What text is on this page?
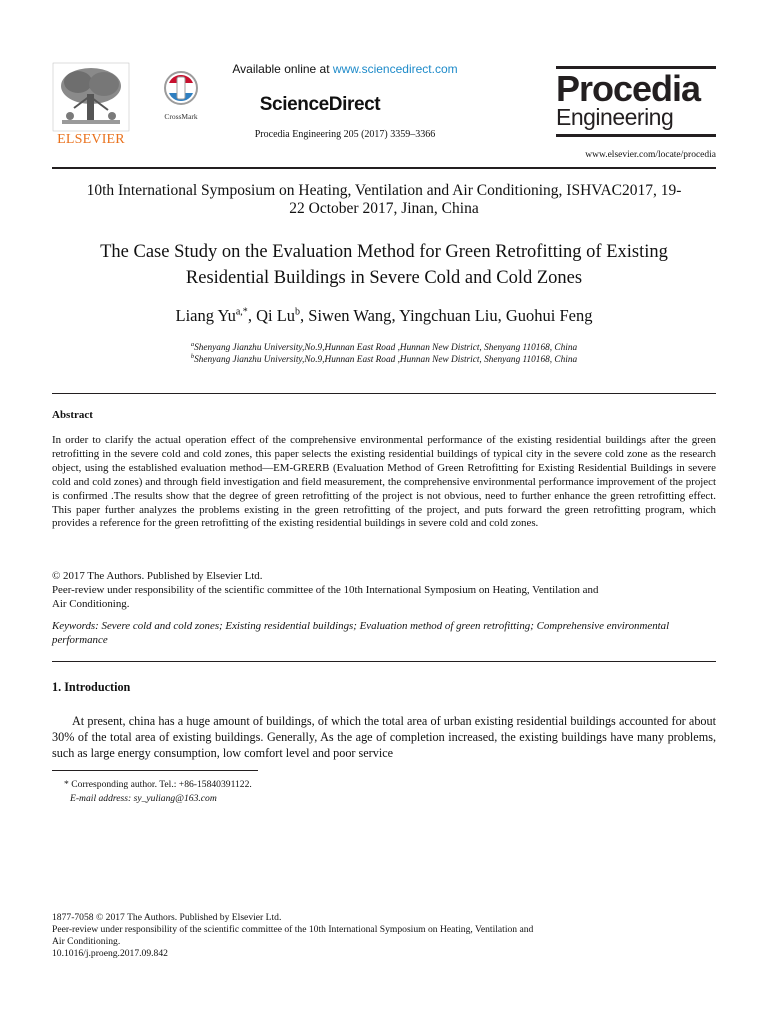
ELSEVIER
CrossMark
Available online at www.sciencedirect.com
ScienceDirect
Procedia Engineering 205 (2017) 3359–3366
Procedia
Engineering
www.elsevier.com/locate/procedia
10th International Symposium on Heating, Ventilation and Air Conditioning, ISHVAC2017, 19-
22 October 2017, Jinan, China
The Case Study on the Evaluation Method for Green Retrofitting of Existing
Residential Buildings in Severe Cold and Cold Zones
Liang $Yu^{a,*}$, Qi Lu$^b$, Siwen Wang, Yingchuan Liu, Guohui Feng
$^a$Shenyang Jianzhu University,No.9,Hunnan East Road ,Hunnan New District, Shenyang 110168, China
$^b$Shenyang Jianzhu University,No.9,Hunnan East Road ,Hunnan New District, Shenyang 110168, China
Abstract
In order to clarify the actual operation effect of the comprehensive environmental performance of the existing residential buildings after the green retrofitting in the severe cold and cold zones, this paper selects the existing residential buildings of typical city in the severe cold zone as the research object, using the established evaluation method—EM-GRERB (Evaluation Method of Green Retrofitting for Existing Residential Buildings in severe cold and cold zones) and through field investigation and field measurement, the comprehensive environmental performance improvement of the project is confirmed .The results show that the degree of green retrofitting of the project is not obvious, need to further enhance the green retrofitting effect. This paper further analyzes the problems existing in the green retrofitting of the project, and puts forward the green retrofitting program, which provides a reference for the green retrofitting of the existing residential buildings in severe cold and cold zones.
© 2017 The Authors. Published by Elsevier Ltd.
Peer-review under responsibility of the scientific committee of the 10th International Symposium on Heating, Ventilation and
Air Conditioning.
Keywords: Severe cold and cold zones; Existing residential buildings; Evaluation method of green retrofitting; Comprehensive environmental performance
1. Introduction
At present, china has a huge amount of buildings, of which the total area of urban existing residential buildings accounted for about 30% of the total area of existing buildings. Generally, As the age of completion increased, the existing buildings have many problems, such as large energy consumption, low comfort level and poor service
* Corresponding author. Tel.: +86-15840391122.
E-mail address: sy_yuliang@163.com
1877-7058 © 2017 The Authors. Published by Elsevier Ltd.
Peer-review under responsibility of the scientific committee of the 10th International Symposium on Heating, Ventilation and
Air Conditioning.
10.1016/j.proeng.2017.09.842
